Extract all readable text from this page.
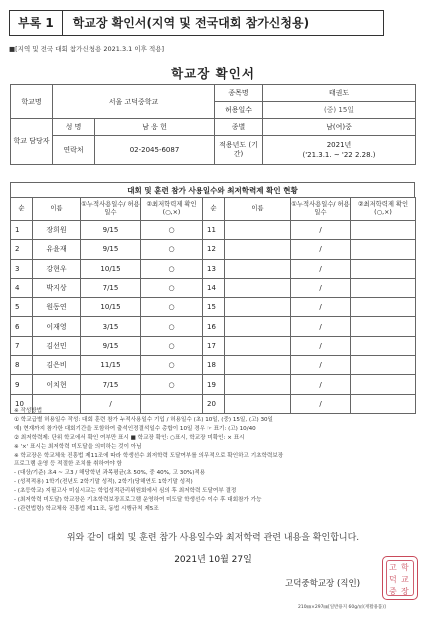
부록 1	학교장 확인서(지역 및 전국대회 참가신청용)
■[지역 및 전국 대회 참가신청용 2021.3.1 이후 적용]
학교장 확인서
학교명	서울 고덕중학교		종목명	태권도
			허용일수	(중) 15일
학교 담당자	성 명	남 응 헌	종별	남(여)중
	연락처	02-2045-6087	적용년도 (기간)	2021년
('21.3.1. ~ '22 2.28.)
대회 및 훈련 참가 사용일수와 최저학력제 확인 현황
순	이름	①누적사용일수/ 허용일수	②최저학력제 확인(○,×)	순	이름	①누적사용일수/ 허용일수	②최저학력제 확인(○,×)
1	장희원	9/15	○	11		/	
2	유윤재	9/15	○	12		/	
3	강현우	10/15	○	13		/	
4	박지상	7/15	○	14		/	
5	원동연	10/15	○	15		/	
6	이재영	3/15	○	16		/	
7	김선민	9/15	○	17		/	
8	김은비	11/15	○	18		/	
9	이치현	7/15	○	19		/	
10		/		20		/	
※ 작성방법
① 학교급별 허용일수 작성: 대회 훈련 참가 누적사용일수 기입 / 허용일수 (초) 10일, (중) 15일, (고) 30일
예) 현재까지 참가한 대회기간을 포함하여 출석인정결석일수 총합이 10일 경우 ☞ 표기: (고) 10/40
② 최저학력제: 단위 학교에서 확인 여부만 표시 ■ 학교장 확인: ○표시, 학교장 미확인: × 표시
※ '×' 표시는 최저학력 미도달을 의미하는 것이 아님
※ 학교장은 학교체육 진흥법 제11조에 따라 학생선수 최저학력 도달여부를 의무적으로 확인하고 기초학력보장
프로그램 운영 등 적절한 조치를 취하여야 함
- (대상/기준) 초4 ~ 고3 / 해당학년 과목평균(초 50%, 중 40%, 고 30%)적용
- (성적적용) 1학기(전년도 2학기말 성적), 2학기(당해연도 1학기말 성적)
- (초등학교) 지필고사 미실시교는 학업성적관리위원회에서 심의 후 최저학력 도달여부 결정
- (최저학력 미도달) 학교장은 기초학력보장프로그램 운영하여 미도달 학생선수 이수 후 대회참가 가능
- (관련법령) 학교체육 진흥법 제11조, 동법 시행규칙 제5조
위와 같이 대회 및 훈련 참가 사용일수와 최저학력 관련 내용을 확인합니다.
2021년 10월 27일
고덕중학교장 (직인)
210㎜×297㎜[일반용지 60g/㎡(재활용품)]
고
덕
중
학
교
장
